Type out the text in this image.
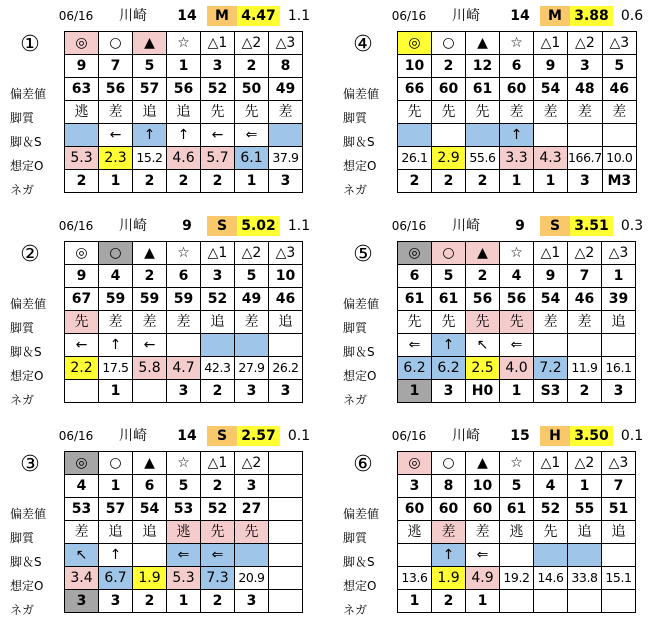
06/16 川崎 14	M 4.47 1.1
①
偏差値
脚質
脚＆S
想定O
ネガ
◎	○	▲	☆	△1	△2	△3
9	7	5	1	3	2	8
63	56	57	56	52	50	49
逃	差	追	追	先	先	差
	←	↑	↑	←	⇐	
5.3	2.3	15.2	4.6	5.7	6.1	37.9
2	1	2	2	2	1	3
06/16 川崎 14	M 3.88 0.6
④
偏差値
脚質
脚＆S
想定O
ネガ
◎	○	▲	☆	△1	△2	△3
10	2	12	6	9	3	5
66	60	61	60	54	48	46
先	先	先	差	差	差	差
			↑			
26.1	2.9	55.6	3.3	4.3	166.7	10.0
2	2	2	1	1	3	M3
06/16 川崎	9	S	5.02 1.1
②
偏差値
脚質
脚＆S
想定O
ネガ
◎	○	▲	☆	△1	△2	△3
9	4	2	6	3	5	10
67	59	59	59	52	49	46
先	差	差	差	追	差	追
←	↑	←				
2.2	17.5	5.8	4.7	42.3	27.9	26.2
	1		3	2	3	3
06/16 川崎	9	S	3.51 0.3
⑤
偏差値
脚質
脚＆S
想定O
ネガ
◎	○	▲	☆	△1	△2	△3
6	5	2	4	9	7	1
61	61	56	56	54	46	39
先	先	先	先	差	差	追
⇐	↑	↖	⇐			
6.2	6.2	2.5	4.0	7.2	11.9	16.1
1	3	H0	1	S3	2	3
06/16 川崎 14	S	2.57 0.1
③
偏差値
脚質
脚＆S
想定O
ネガ
◎	○	▲	☆	△1	△2	
4	1	6	5	2	3	
53	57	54	53	52	27	
差	追	追	逃	先	先	
↖	↑		⇐	⇐		
3.4	6.7	1.9	5.3	7.3	20.9	
3	3	2	1	2	3	
06/16 川崎 15	H 3.50 0.1
⑥
偏差値
脚質
脚＆S
想定O
ネガ
◎	○	▲	☆	△1	△2	△3
3	8	10	5	4	1	7
60	60	60	61	52	55	51
逃	差	差	逃	先	追	追
	↑	⇐				
13.6	1.9	4.9	19.2	14.6	33.8	15.1
1	2	1				
